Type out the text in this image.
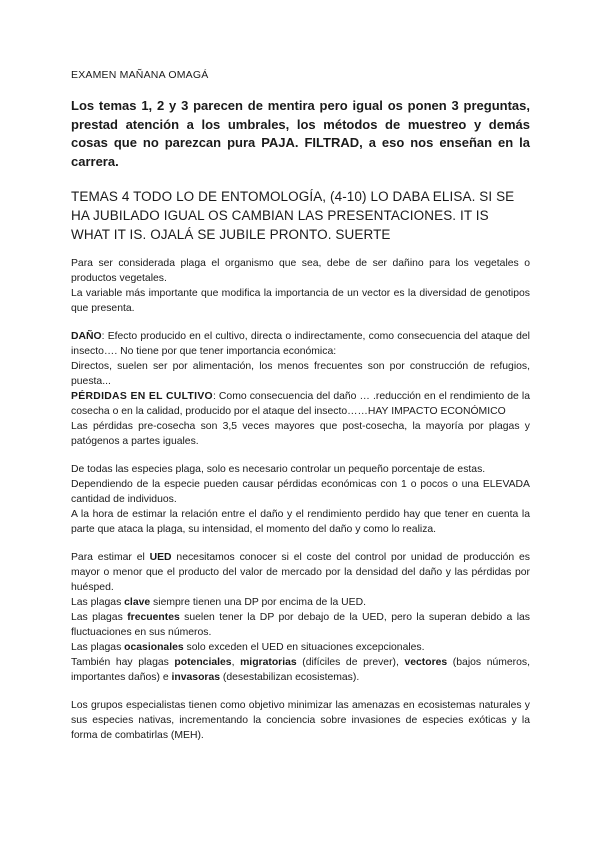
EXAMEN MAÑANA OMAGÁ
Los temas 1, 2 y 3 parecen de mentira pero igual os ponen 3 preguntas, prestad atención a los umbrales, los métodos de muestreo y demás cosas que no parezcan pura PAJA. FILTRAD, a eso nos enseñan en la carrera.
TEMAS 4 TODO LO DE ENTOMOLOGÍA, (4-10) LO DABA ELISA. SI SE HA JUBILADO IGUAL OS CAMBIAN LAS PRESENTACIONES. IT IS WHAT IT IS. OJALÁ SE JUBILE PRONTO. SUERTE
Para ser considerada plaga el organismo que sea, debe de ser dañino para los vegetales o productos vegetales.
La variable más importante que modifica la importancia de un vector es la diversidad de genotipos que presenta.
DAÑO: Efecto producido en el cultivo, directa o indirectamente, como consecuencia del ataque del insecto…. No tiene por que tener importancia económica:
Directos, suelen ser por alimentación, los menos frecuentes son por construcción de refugios, puesta...
PÉRDIDAS EN EL CULTIVO: Como consecuencia del daño … .reducción en el rendimiento de la cosecha o en la calidad, producido por el ataque del insecto……HAY IMPACTO ECONÓMICO
Las pérdidas pre-cosecha son 3,5 veces mayores que post-cosecha, la mayoría por plagas y patógenos a partes iguales.
De todas las especies plaga, solo es necesario controlar un pequeño porcentaje de estas.
Dependiendo de la especie pueden causar pérdidas económicas con 1 o pocos o una ELEVADA cantidad de individuos.
A la hora de estimar la relación entre el daño y el rendimiento perdido hay que tener en cuenta la parte que ataca la plaga, su intensidad, el momento del daño y como lo realiza.
Para estimar el UED necesitamos conocer si el coste del control por unidad de producción es mayor o menor que el producto del valor de mercado por la densidad del daño y las pérdidas por huésped.
Las plagas clave siempre tienen una DP por encima de la UED.
Las plagas frecuentes suelen tener la DP por debajo de la UED, pero la superan debido a las fluctuaciones en sus números.
Las plagas ocasionales solo exceden el UED en situaciones excepcionales.
También hay plagas potenciales, migratorias (difíciles de prever), vectores (bajos números, importantes daños) e invasoras (desestabilizan ecosistemas).
Los grupos especialistas tienen como objetivo minimizar las amenazas en ecosistemas naturales y sus especies nativas, incrementando la conciencia sobre invasiones de especies exóticas y la forma de combatirlas (MEH).
